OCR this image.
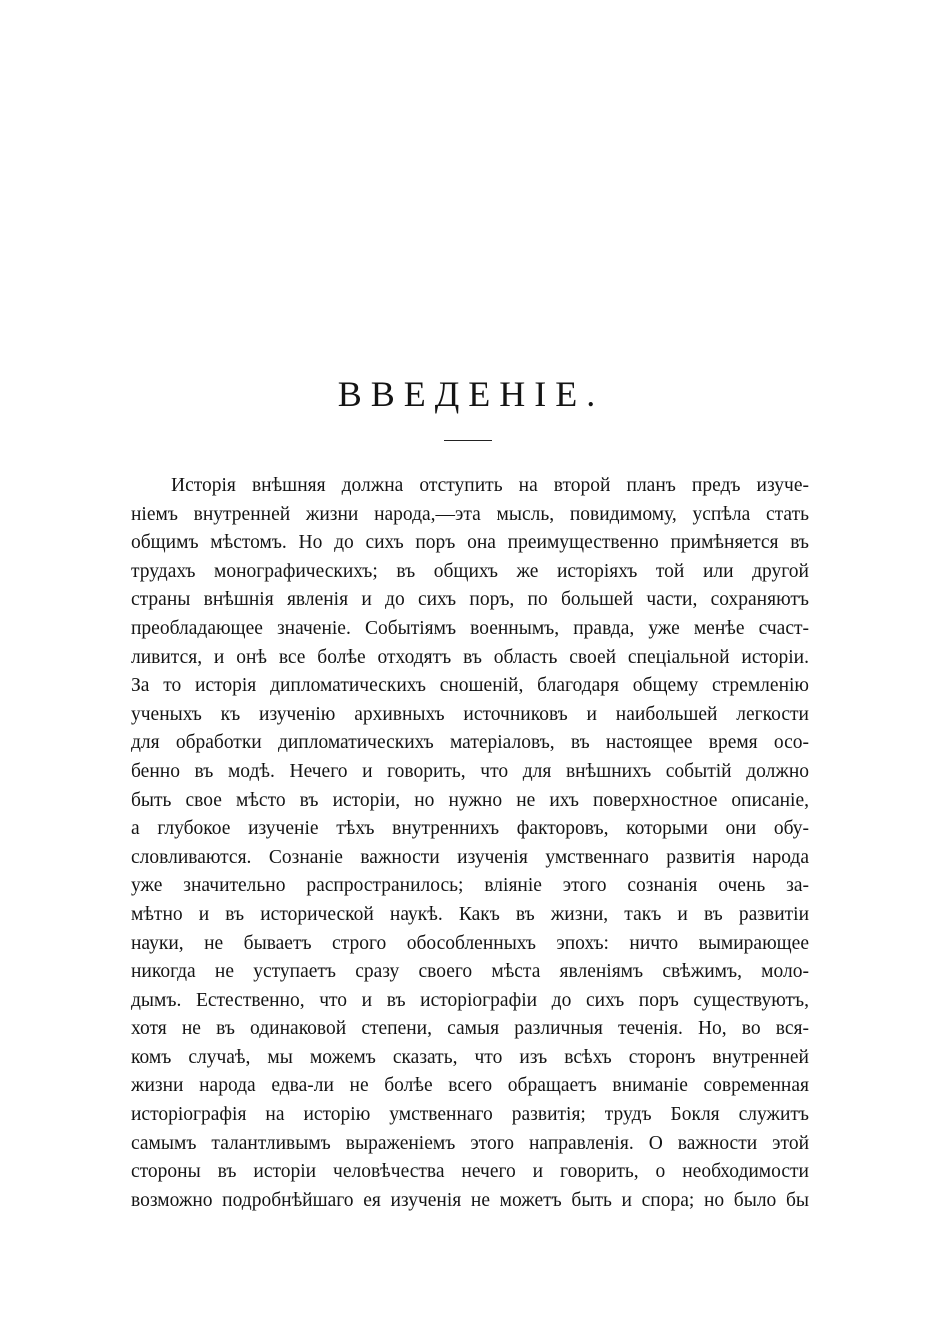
ВВЕДЕНІЕ.
Исторія внѣшняя должна отступить на второй планъ предъ изуче-
ніемъ внутренней жизни народа,—эта мысль, повидимому, успѣла стать
общимъ мѣстомъ. Но до сихъ поръ она преимущественно примѣняется въ
трудахъ монографическихъ; въ общихъ же исторіяхъ той или другой
страны внѣшнія явленія и до сихъ поръ, по большей части, сохраняютъ
преобладающее значеніе. Событіямъ военнымъ, правда, уже менѣе счаст-
ливится, и онѣ все болѣе отходятъ въ область своей спеціальной исторіи.
За то исторія дипломатическихъ сношеній, благодаря общему стремленію
ученыхъ къ изученію архивныхъ источниковъ и наибольшей легкости
для обработки дипломатическихъ матеріаловъ, въ настоящее время осо-
бенно въ модѣ. Нечего и говорить, что для внѣшнихъ событій должно
быть свое мѣсто въ исторіи, но нужно не ихъ поверхностное описаніе,
а глубокое изученіе тѣхъ внутреннихъ факторовъ, которыми они обу-
словливаются. Сознаніе важности изученія умственнаго развитія народа
уже значительно распространилось; вліяніе этого сознанія очень за-
мѣтно и въ исторической наукѣ. Какъ въ жизни, такъ и въ развитіи
науки, не бываетъ строго обособленныхъ эпохъ: ничто вымирающее
никогда не уступаетъ сразу своего мѣста явленіямъ свѣжимъ, моло-
дымъ. Естественно, что и въ исторіографіи до сихъ поръ существуютъ,
хотя не въ одинаковой степени, самыя различныя теченія. Но, во вся-
комъ случаѣ, мы можемъ сказать, что изъ всѣхъ сторонъ внутренней
жизни народа едва-ли не болѣе всего обращаетъ вниманіе современная
исторіографія на исторію умственнаго развитія; трудъ Бокля служитъ
самымъ талантливымъ выраженіемъ этого направленія. О важности этой
стороны въ исторіи человѣчества нечего и говорить, о необходимости
возможно подробнѣйшаго ея изученія не можетъ быть и спора; но было бы
